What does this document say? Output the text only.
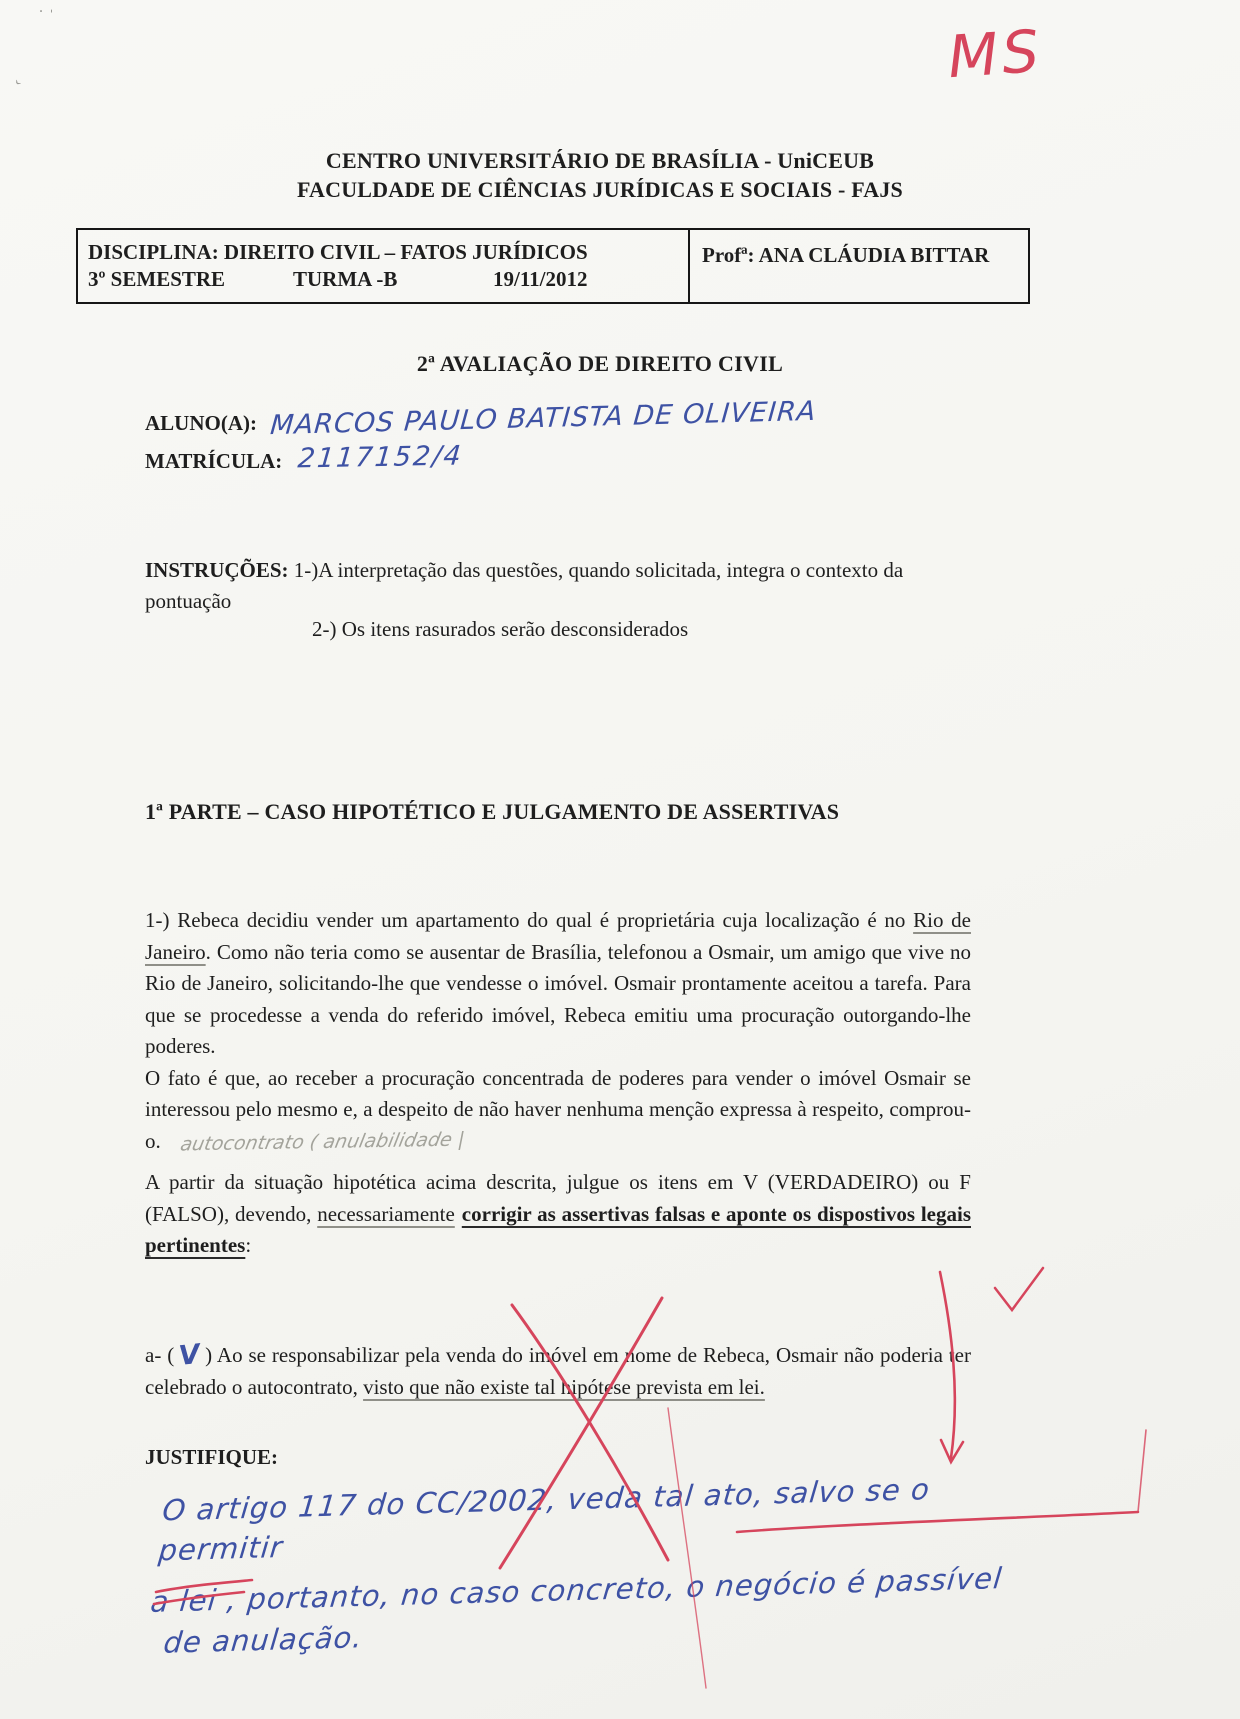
˙ ˈ
ˬ	MS
CENTRO UNIVERSITÁRIO DE BRASÍLIA - UniCEUB
FACULDADE DE CIÊNCIAS JURÍDICAS E SOCIAIS - FAJS
DISCIPLINA: DIREITO CIVIL – FATOS JURÍDICOS
3º SEMESTRE	TURMA -B	19/11/2012
Profª: ANA CLÁUDIA BITTAR
2ª AVALIAÇÃO DE DIREITO CIVIL
ALUNO(A): MARCOS PAULO BATISTA DE OLIVEIRA
MATRÍCULA: 2117152/4
INSTRUÇÕES: 1-)A interpretação das questões, quando solicitada, integra o contexto da pontuação
2-) Os itens rasurados serão desconsiderados
1ª PARTE – CASO HIPOTÉTICO E JULGAMENTO DE ASSERTIVAS

1-) Rebeca decidiu vender um apartamento do qual é proprietária cuja localização é no Rio de Janeiro. Como não teria como se ausentar de Brasília, telefonou a Osmair, um amigo que vive no Rio de Janeiro, solicitando-lhe que vendesse o imóvel. Osmair prontamente aceitou a tarefa. Para que se procedesse a venda do referido imóvel, Rebeca emitiu uma procuração outorgando-lhe poderes.

O fato é que, ao receber a procuração concentrada de poderes para vender o imóvel Osmair se interessou pelo mesmo e, a despeito de não haver nenhuma menção expressa à respeito, comprou-o. autocontrato ( anulabilidade |

A partir da situação hipotética acima descrita, julgue os itens em V (VERDADEIRO) ou F (FALSO), devendo, necessariamente corrigir as assertivas falsas e aponte os dispostivos legais pertinentes:

a- ( V ) Ao se responsabilizar pela venda do imóvel em nome de Rebeca, Osmair não poderia ter celebrado o autocontrato, visto que não existe tal hipótese prevista em lei.
JUSTIFIQUE:
O artigo 117 do CC/2002, veda tal ato, salvo se o permitir
a lei , portanto, no caso concreto, o negócio é passível
de anulação.
